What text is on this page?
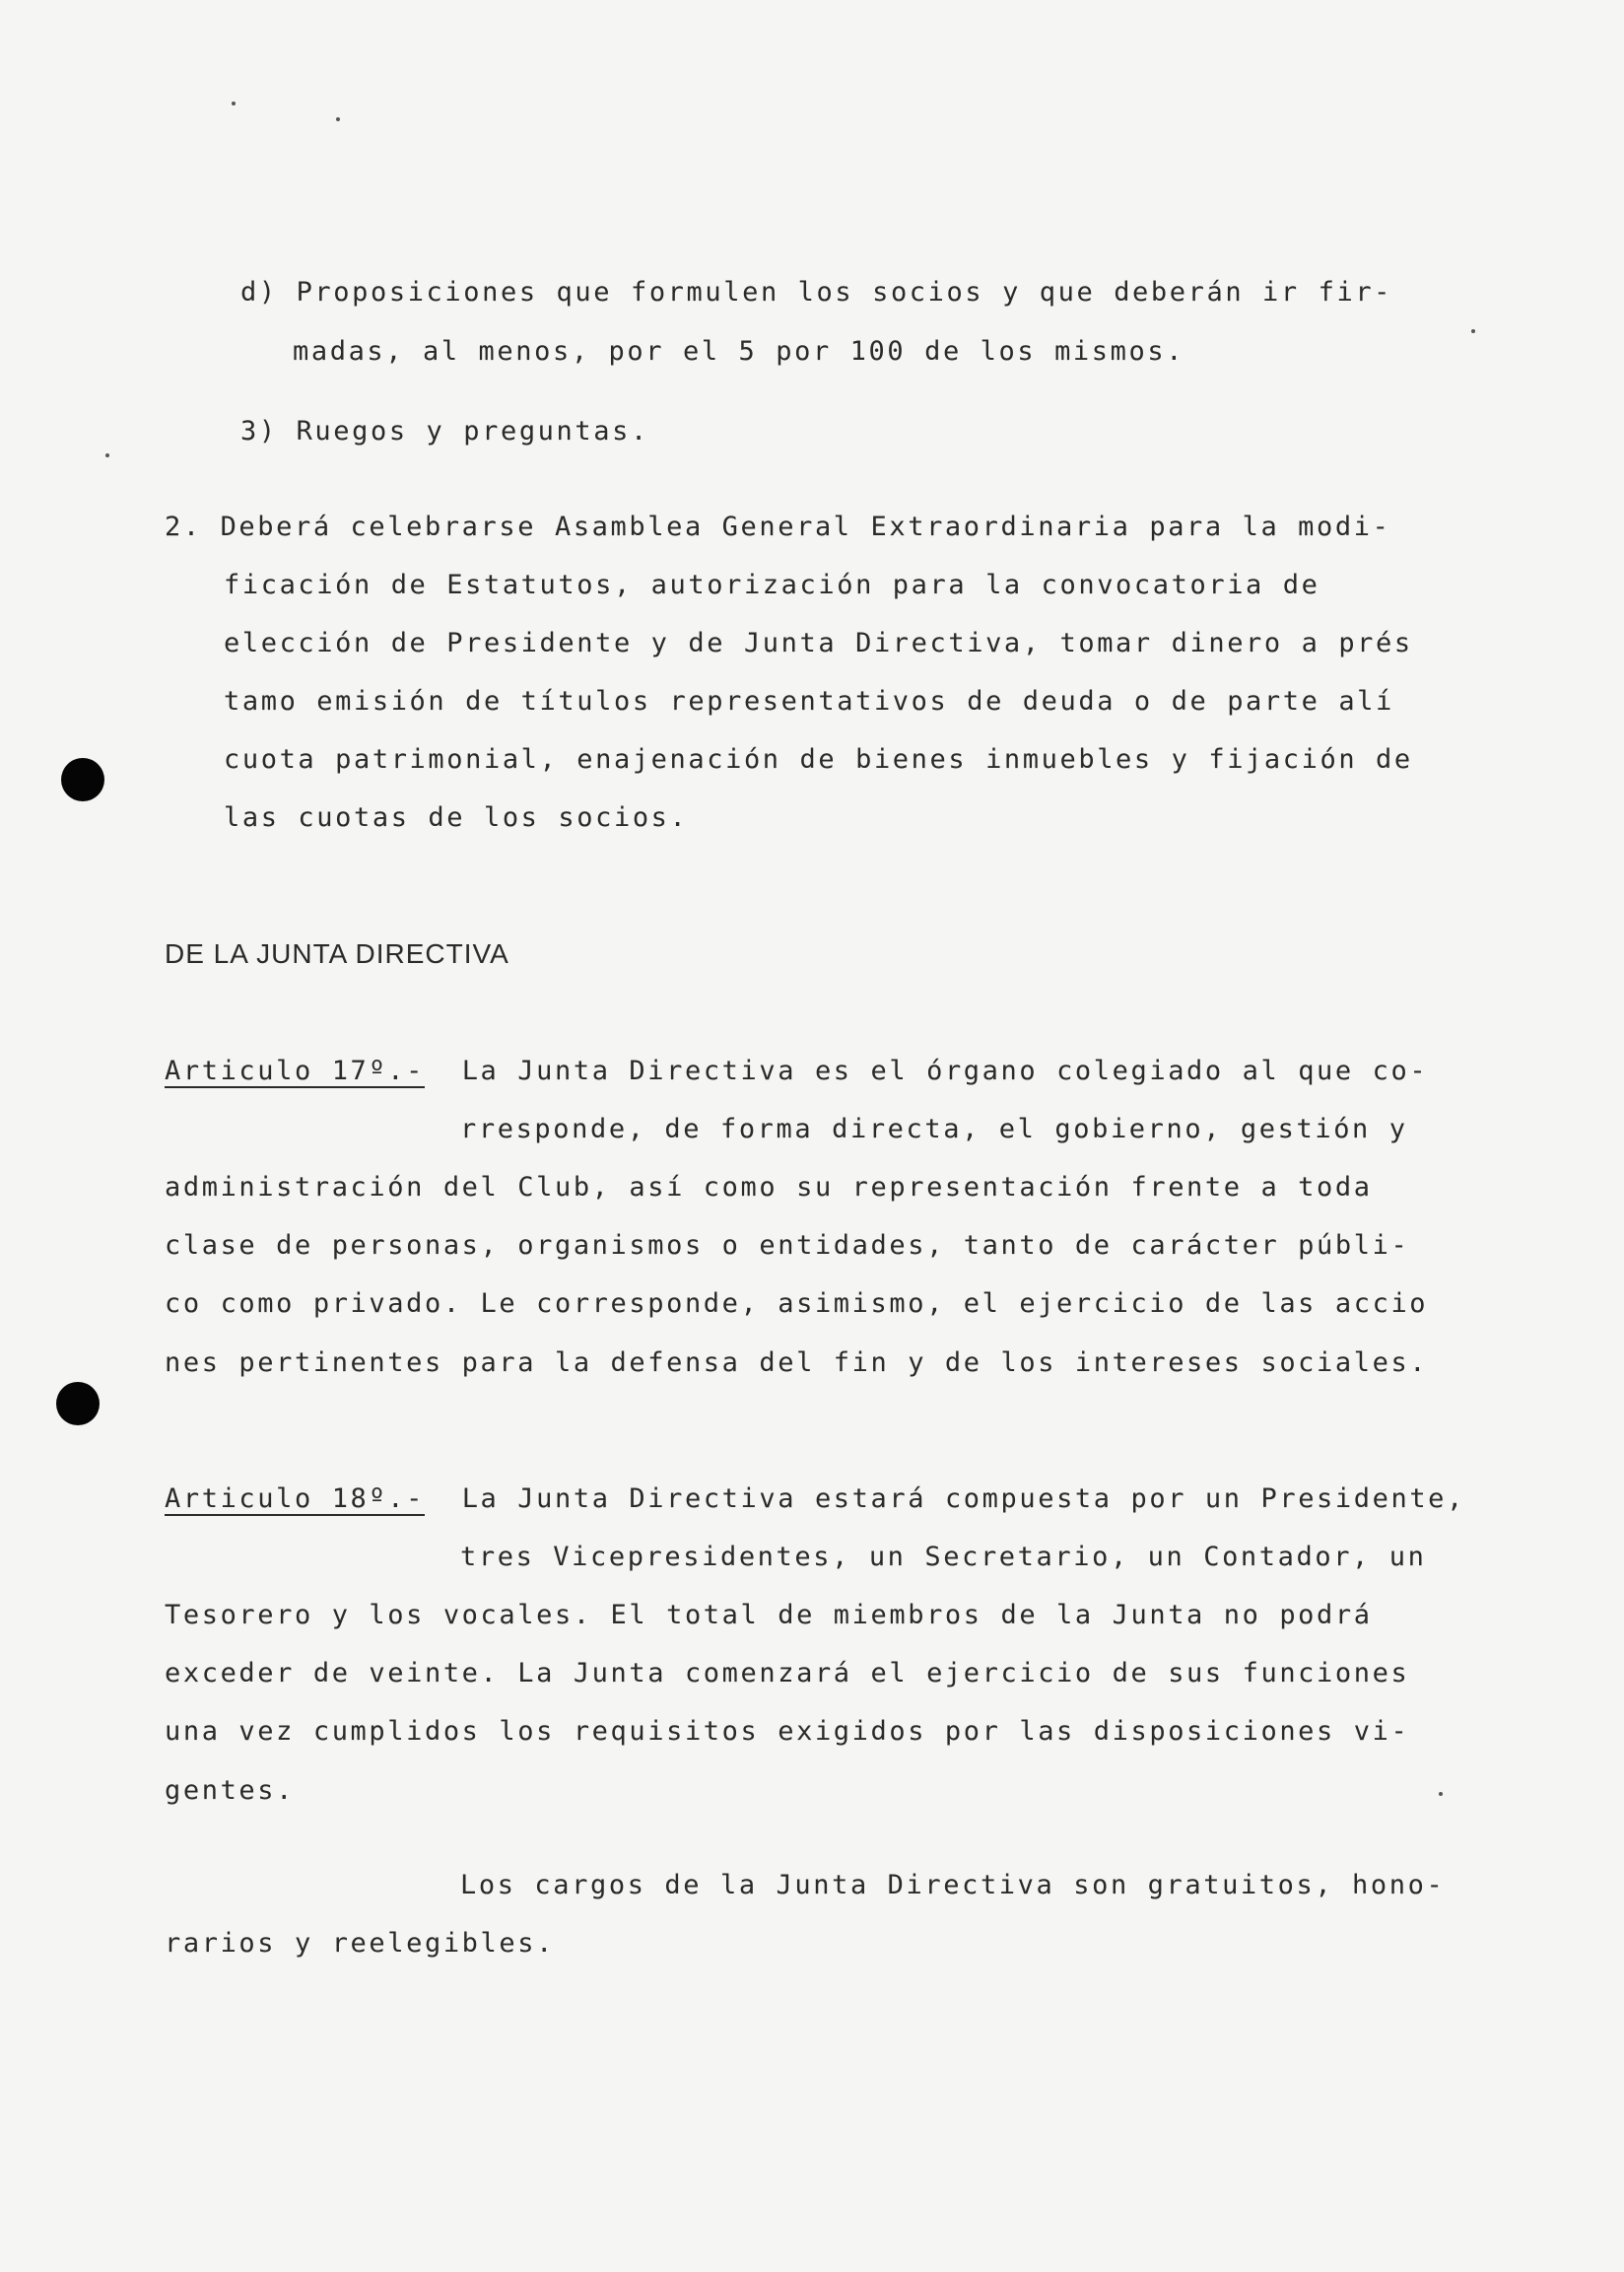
d) Proposiciones que formulen los socios y que deberán ir fir-
madas, al menos, por el 5 por 100 de los mismos.
3) Ruegos y preguntas.
2. Deberá celebrarse Asamblea General Extraordinaria para la modi-
ficación de Estatutos, autorización para la convocatoria de
elección de Presidente y de Junta Directiva, tomar dinero a prés
tamo emisión de títulos representativos de deuda o de parte alí
cuota patrimonial, enajenación de bienes inmuebles y fijación de
las cuotas de los socios.
DE LA JUNTA DIRECTIVA
Articulo 17º.- La Junta Directiva es el órgano colegiado al que co-
rresponde, de forma directa, el gobierno, gestión y
administración del Club, así como su representación frente a toda
clase de personas, organismos o entidades, tanto de carácter públi-
co como privado. Le corresponde, asimismo, el ejercicio de las accio
nes pertinentes para la defensa del fin y de los intereses sociales.
Articulo 18º.- La Junta Directiva estará compuesta por un Presidente,
tres Vicepresidentes, un Secretario, un Contador, un
Tesorero y los vocales. El total de miembros de la Junta no podrá
exceder de veinte. La Junta comenzará el ejercicio de sus funciones
una vez cumplidos los requisitos exigidos por las disposiciones vi-
gentes.
Los cargos de la Junta Directiva son gratuitos, hono-
rarios y reelegibles.
